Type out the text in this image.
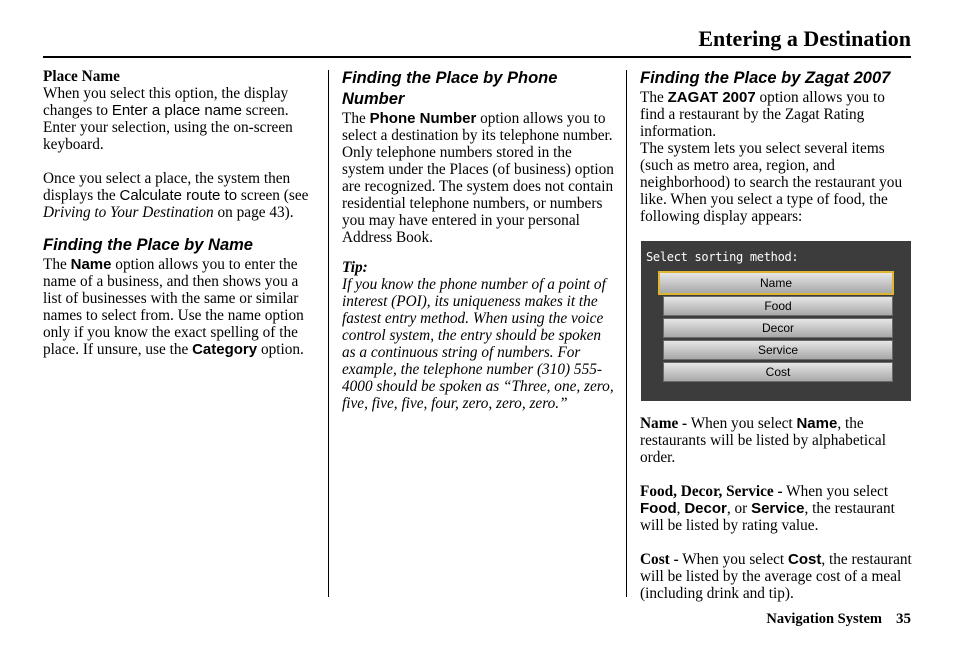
Entering a Destination

Place Name

When you select this option, the display changes to Enter a place name screen. Enter your selection, using the on-screen keyboard.

Once you select a place, the system then displays the Calculate route to screen (see Driving to Your Destination on page 43).

Finding the Place by Name

The Name option allows you to enter the name of a business, and then shows you a list of businesses with the same or similar names to select from. Use the name option only if you know the exact spelling of the place. If unsure, use the Category option.

Finding the Place by Phone Number

The Phone Number option allows you to select a destination by its telephone number. Only telephone numbers stored in the system under the Places (of business) option are recognized. The system does not contain residential telephone numbers, or numbers you may have entered in your personal Address Book.

Tip:

If you know the phone number of a point of interest (POI), its uniqueness makes it the fastest entry method. When using the voice control system, the entry should be spoken as a continuous string of numbers. For example, the telephone number (310) 555-4000 should be spoken as “Three, one, zero, five, five, five, four, zero, zero, zero.”

Finding the Place by Zagat 2007

The ZAGAT 2007 option allows you to find a restaurant by the Zagat Rating information.

The system lets you select several items (such as metro area, region, and neighborhood) to search the restaurant you like. When you select a type of food, the following display appears:

Select sorting method:
Name
Food
Decor
Service
Cost

Name - When you select Name, the restaurants will be listed by alphabetical order.

Food, Decor, Service - When you select Food, Decor, or Service, the restaurant will be listed by rating value.

Cost - When you select Cost, the restaurant will be listed by the average cost of a meal (including drink and tip).

Navigation System 35
